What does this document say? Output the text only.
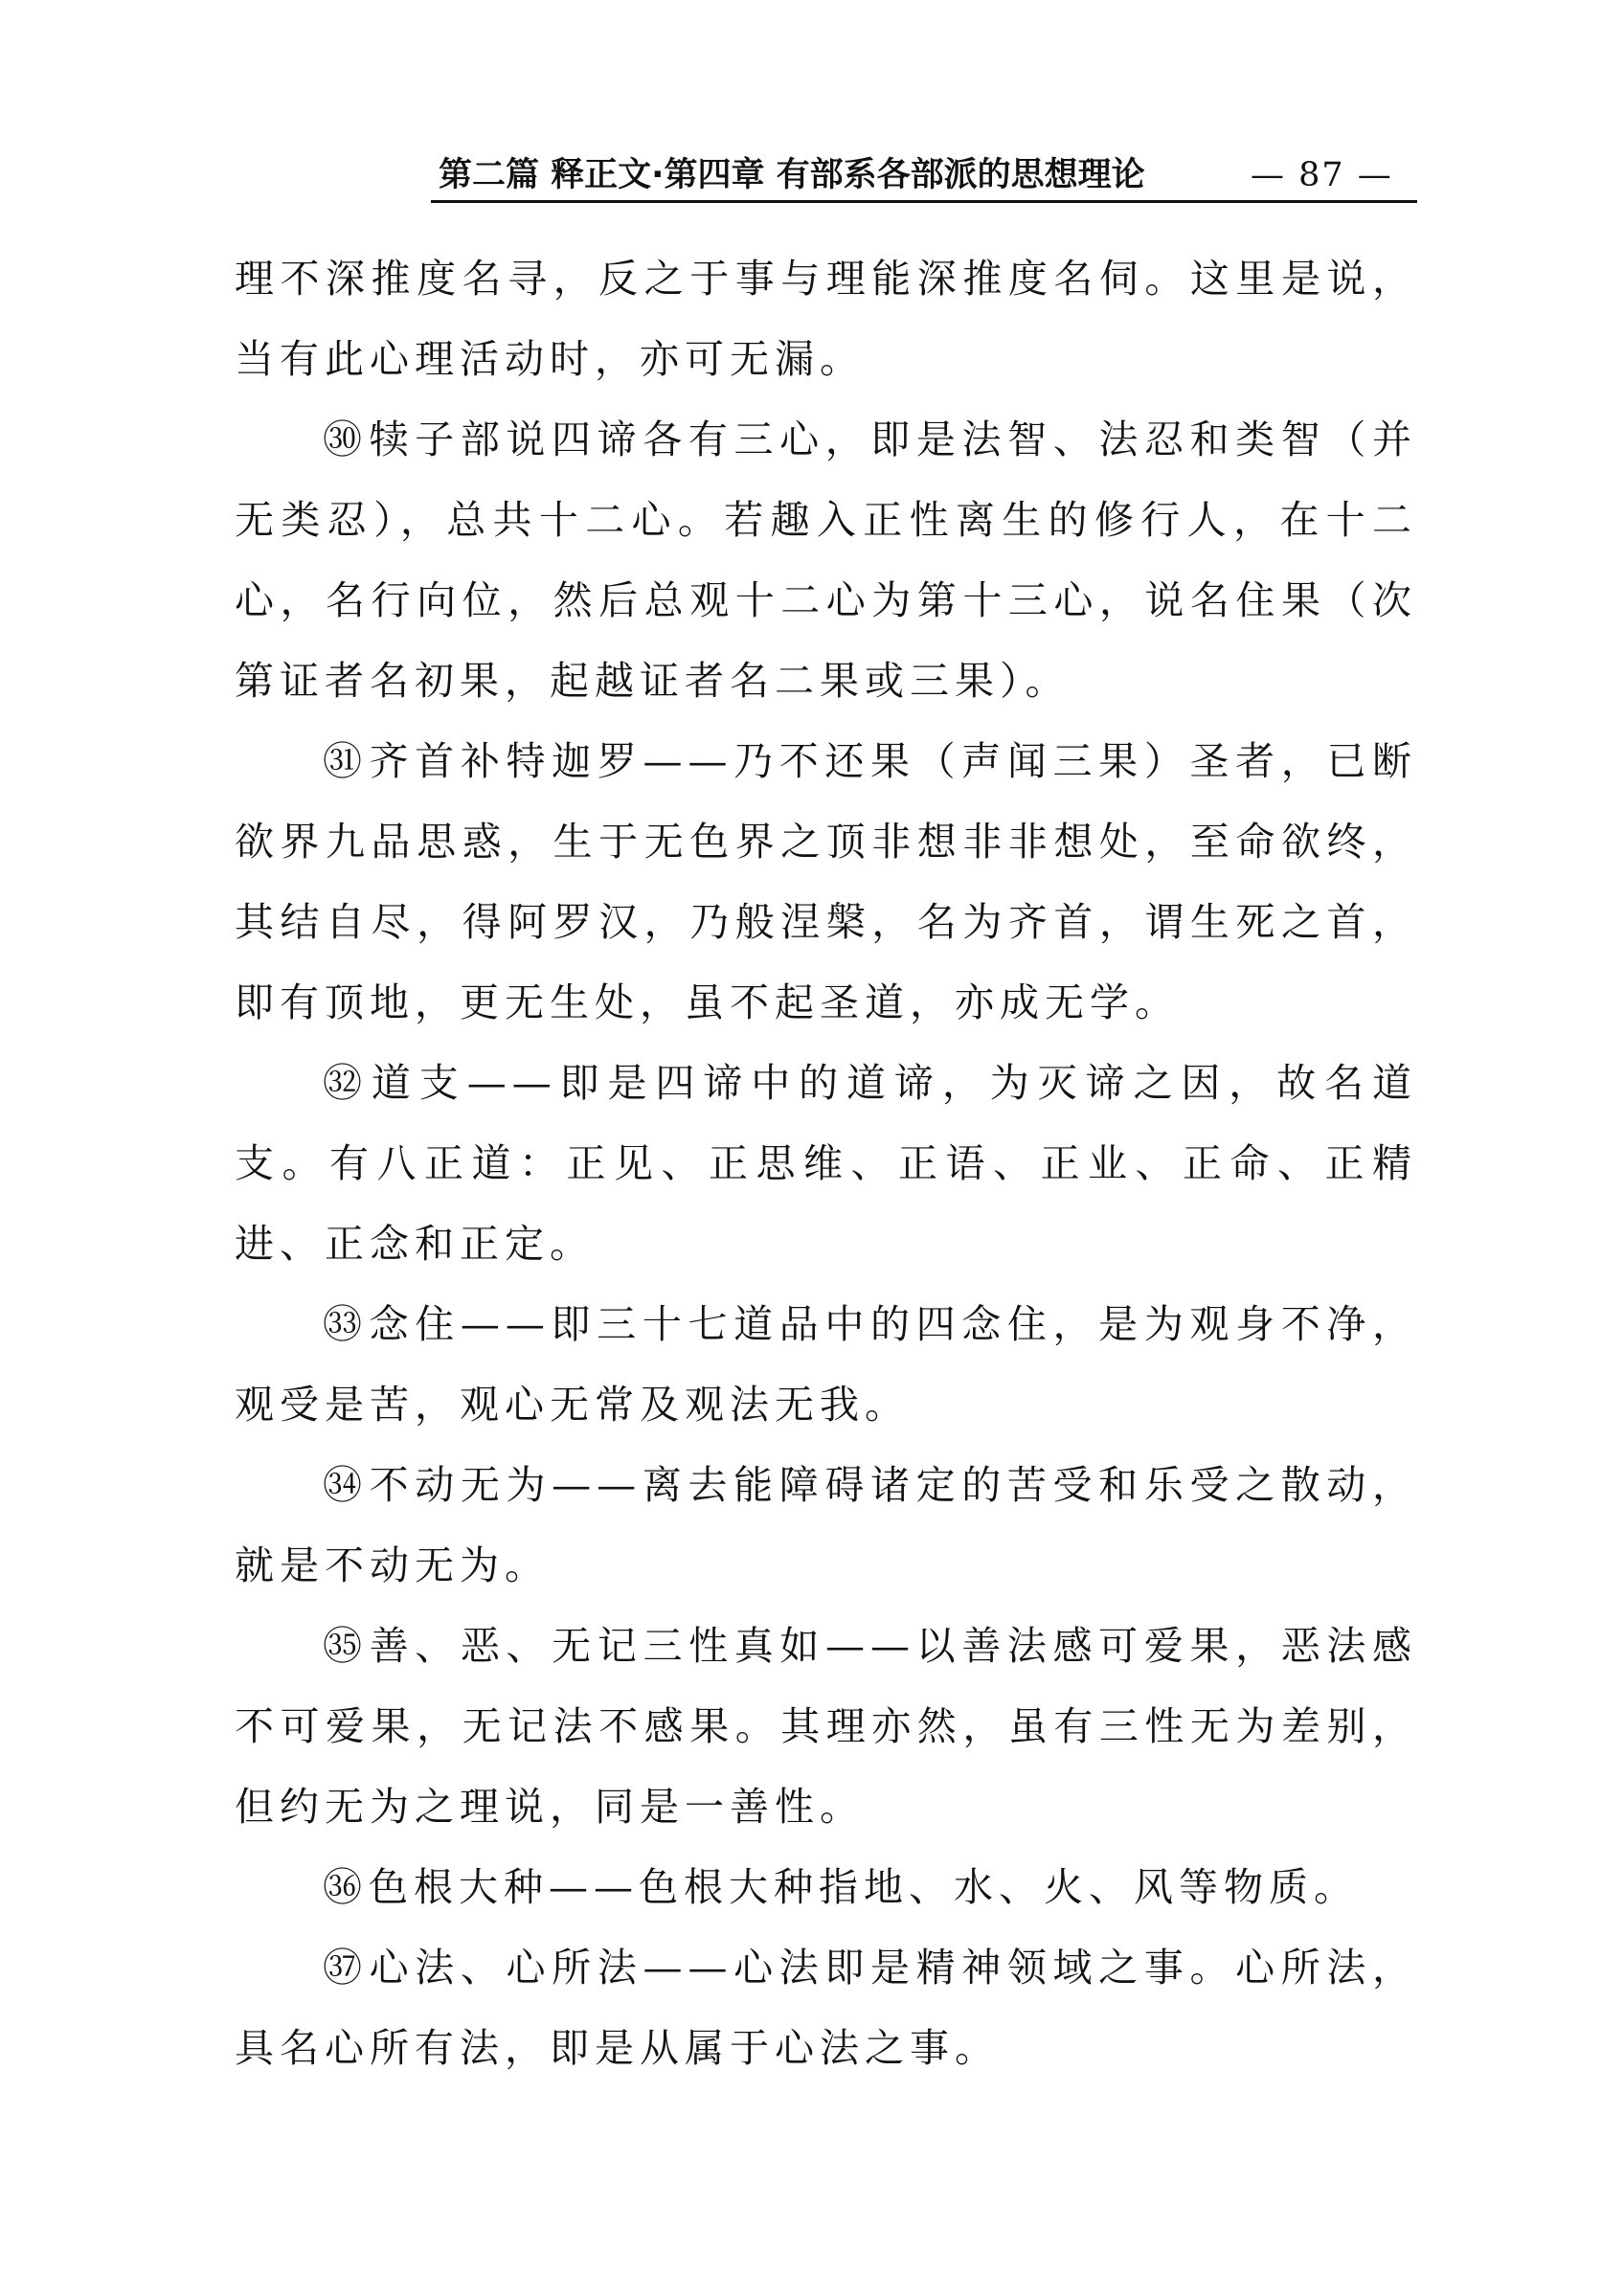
第二篇 释正文·第四章 有部系各部派的思想理论	— 87 —

理不深推度名寻，反之于事与理能深推度名伺。这里是说，当有此心理活动时，亦可无漏。

㉚ 犊子部说四谛各有三心，即是法智、法忍和类智（并无类忍），总共十二心。若趣入正性离生的修行人，在十二心，名行向位，然后总观十二心为第十三心，说名住果（次第证者名初果，起越证者名二果或三果）。

㉛ 齐首补特迦罗——乃不还果（声闻三果）圣者，已断欲界九品思惑，生于无色界之顶非想非非想处，至命欲终，其结自尽，得阿罗汉，乃般涅槃，名为齐首，谓生死之首，即有顶地，更无生处，虽不起圣道，亦成无学。

㉜ 道支——即是四谛中的道谛，为灭谛之因，故名道支。有八正道：正见、正思维、正语、正业、正命、正精进、正念和正定。

㉝ 念住——即三十七道品中的四念住，是为观身不净，观受是苦，观心无常及观法无我。

㉞ 不动无为——离去能障碍诸定的苦受和乐受之散动，就是不动无为。

㉟ 善、恶、无记三性真如——以善法感可爱果，恶法感不可爱果，无记法不感果。其理亦然，虽有三性无为差别，但约无为之理说，同是一善性。

㊱ 色根大种——色根大种指地、水、火、风等物质。

㊲ 心法、心所法——心法即是精神领域之事。心所法，具名心所有法，即是从属于心法之事。
